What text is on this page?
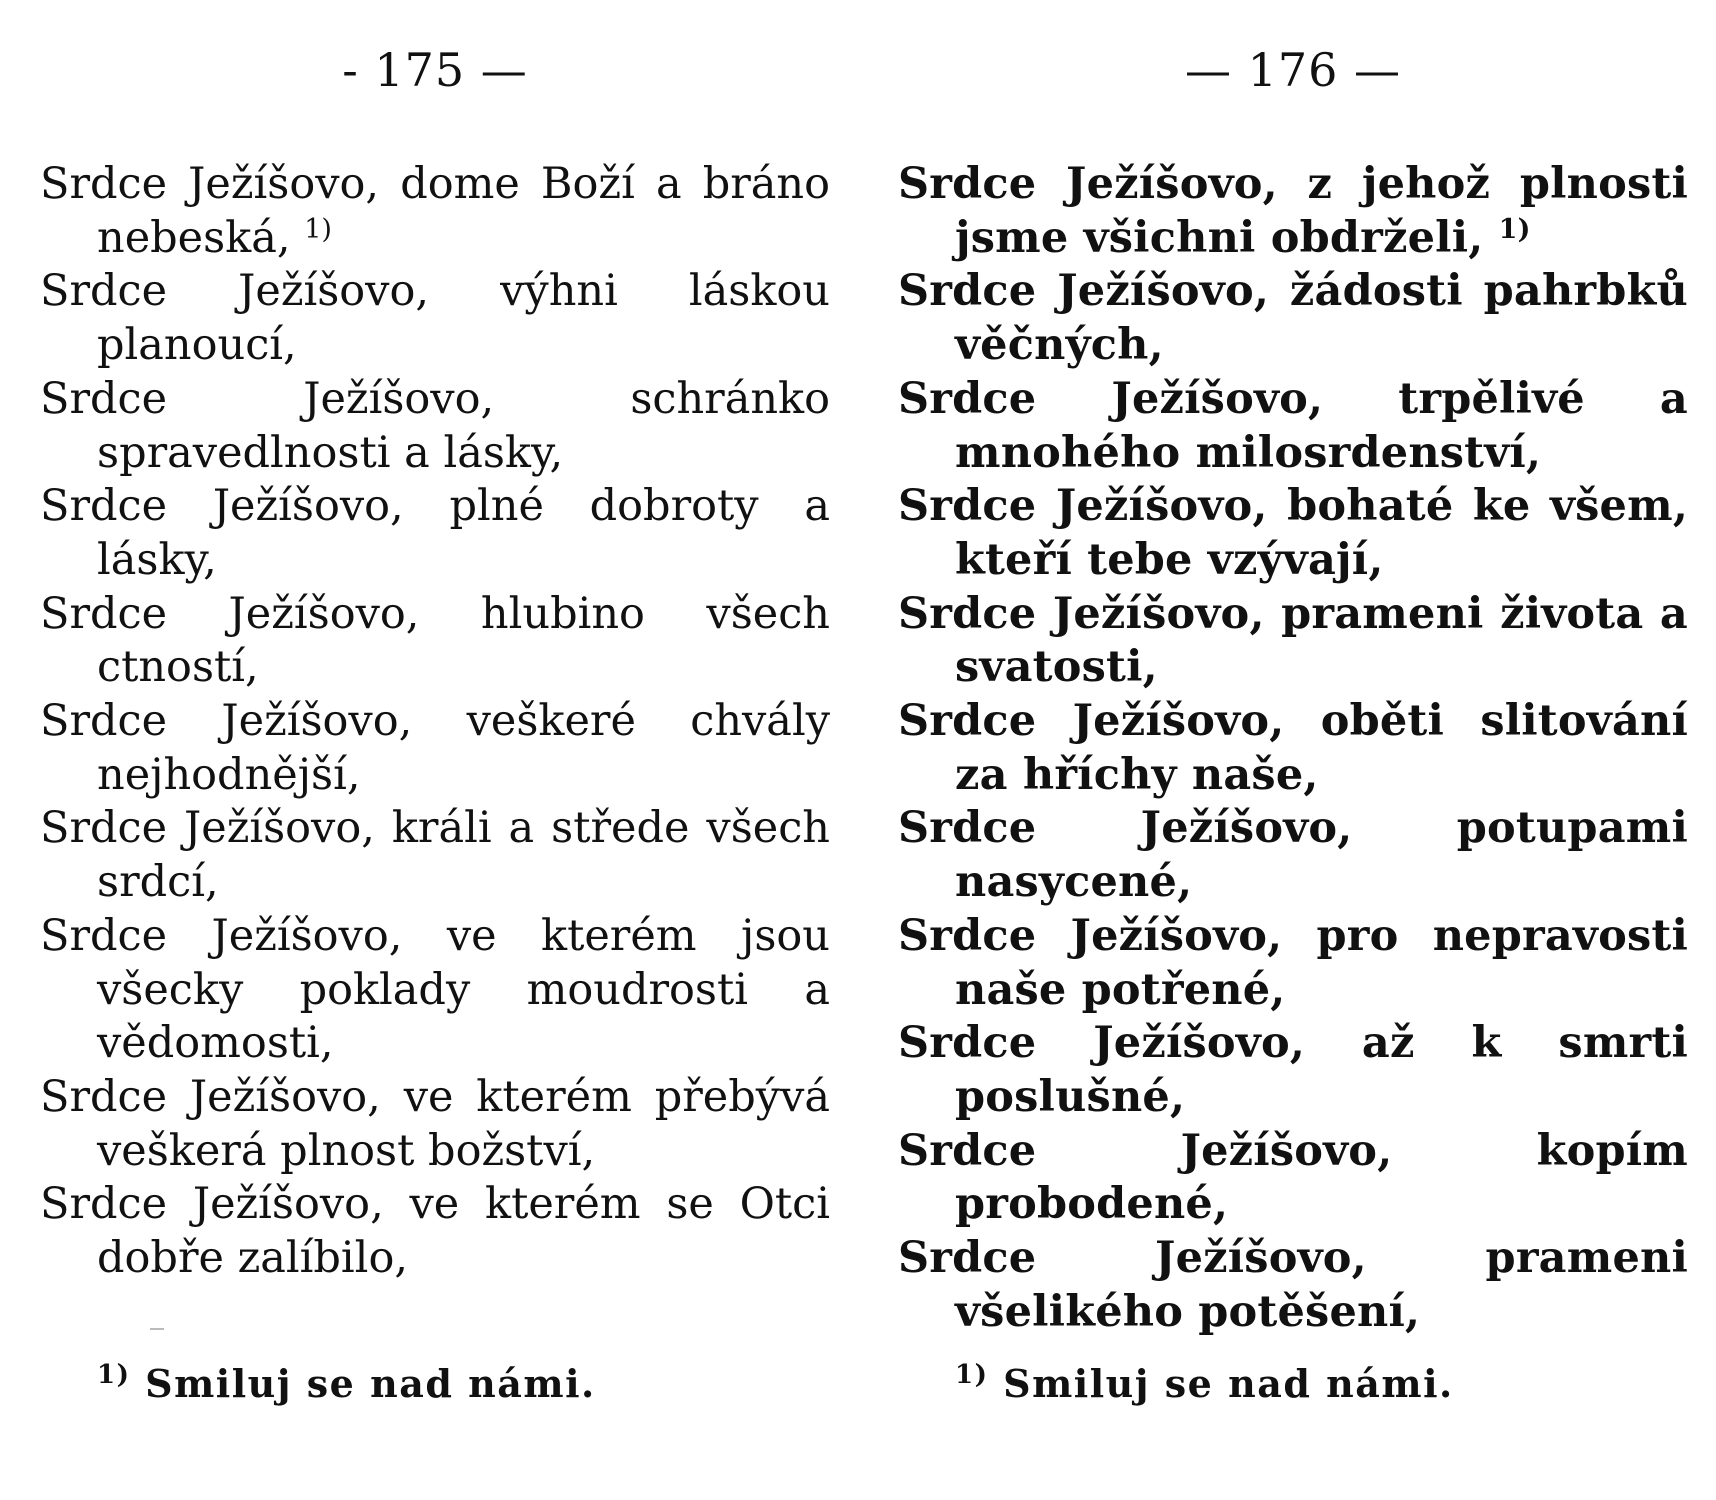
- 175 —
Srdce Ježíšovo, dome Boží a bráno nebeská, $^{1)}$
Srdce Ježíšovo, výhni láskou planoucí,
Srdce Ježíšovo, schránko spravedlnosti a lásky,
Srdce Ježíšovo, plné dobroty a lásky,
Srdce Ježíšovo, hlubino všech ctností,
Srdce Ježíšovo, veškeré chvály nejhodnější,
Srdce Ježíšovo, králi a střede všech srdcí,
Srdce Ježíšovo, ve kterém jsou všecky poklady moudrosti a vědomosti,
Srdce Ježíšovo, ve kterém přebývá veškerá plnost božství,
Srdce Ježíšovo, ve kterém se Otci dobře zalíbilo,
$^{1)}$ Smiluj se nad námi.
— 176 —
Srdce Ježíšovo, z jehož plnosti jsme všichni obdrželi, $^{1)}$
Srdce Ježíšovo, žádosti pahrbků věčných,
Srdce Ježíšovo, trpělivé a mnohého milosrdenství,
Srdce Ježíšovo, bohaté ke všem, kteří tebe vzývají,
Srdce Ježíšovo, prameni života a svatosti,
Srdce Ježíšovo, oběti slitování za hříchy naše,
Srdce Ježíšovo, potupami nasycené,
Srdce Ježíšovo, pro nepravosti naše potřené,
Srdce Ježíšovo, až k smrti poslušné,
Srdce Ježíšovo, kopím probodené,
Srdce Ježíšovo, prameni všelikého potěšení,
$^{1)}$ Smiluj se nad námi.
